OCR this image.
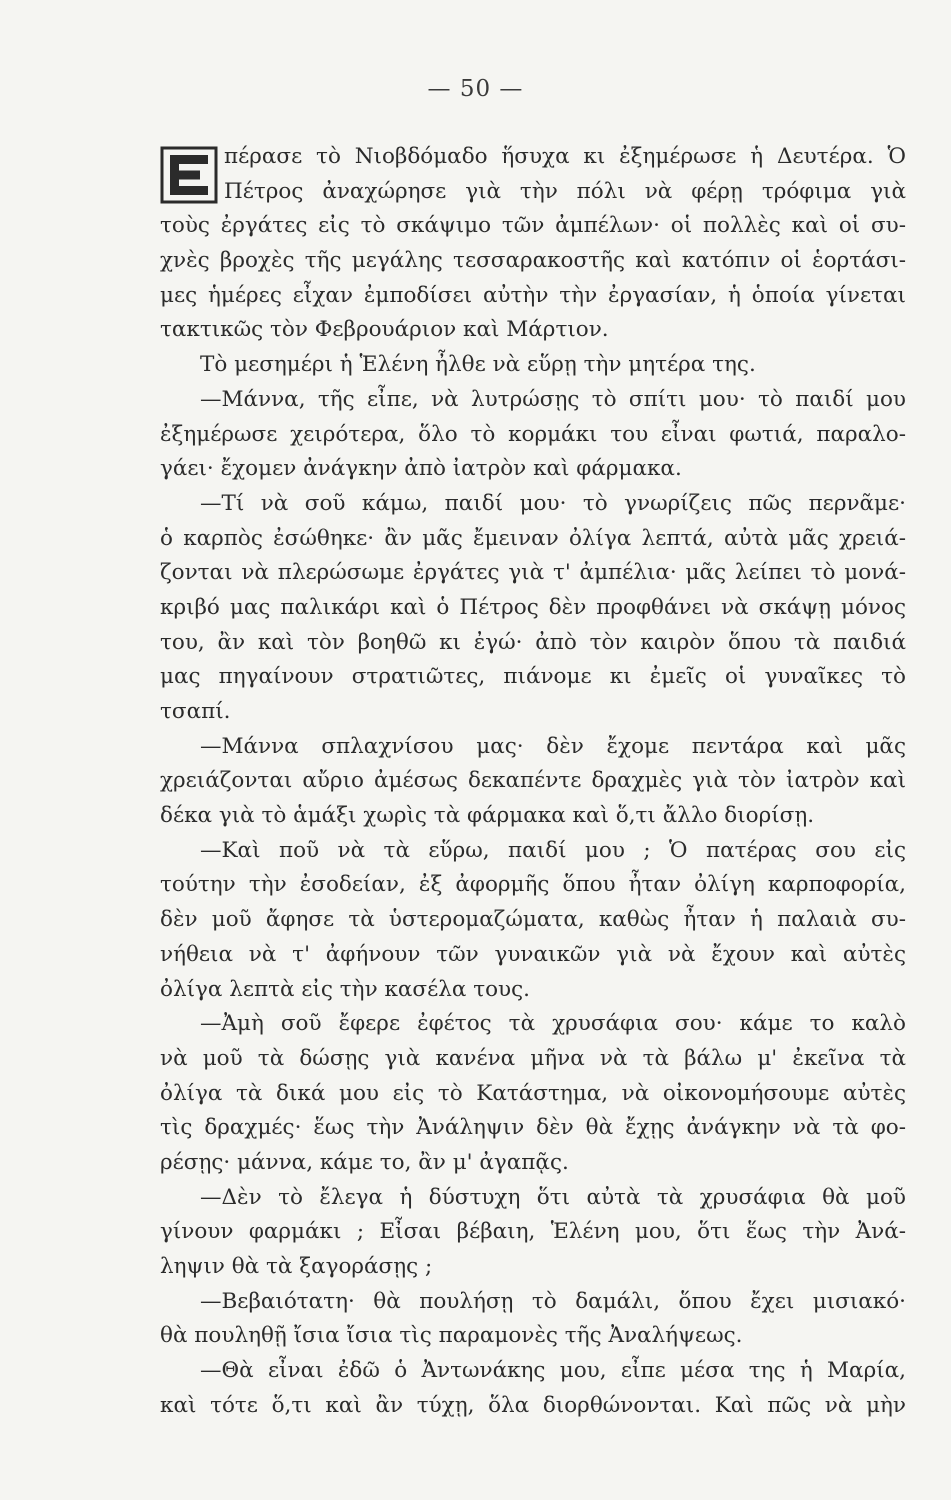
— 50 —
πέρασε τὸ Νιοβδόμαδο ἥσυχα κι ἐξημέρωσε ἡ Δευτέρα. Ὁ
Πέτρος ἀναχώρησε γιὰ τὴν πόλι νὰ φέρῃ τρόφιμα γιὰ
τοὺς ἐργάτες εἰς τὸ σκάψιμο τῶν ἀμπέλων· οἱ πολλὲς καὶ οἱ συ-
χνὲς βροχὲς τῆς μεγάλης τεσσαρακοστῆς καὶ κατόπιν οἱ ἑορτάσι-
μες ἡμέρες εἶχαν ἐμποδίσει αὐτὴν τὴν ἐργασίαν, ἡ ὁποία γίνεται
τακτικῶς τὸν Φεβρουάριον καὶ Μάρτιον.
Τὸ μεσημέρι ἡ Ἑλένη ἦλθε νὰ εὕρῃ τὴν μητέρα της.
—Μάννα, τῆς εἶπε, νὰ λυτρώσῃς τὸ σπίτι μου· τὸ παιδί μου
ἐξημέρωσε χειρότερα, ὅλο τὸ κορμάκι του εἶναι φωτιά, παραλο-
γάει· ἔχομεν ἀνάγκην ἀπὸ ἰατρὸν καὶ φάρμακα.
—Τί νὰ σοῦ κάμω, παιδί μου· τὸ γνωρίζεις πῶς περνᾶμε·
ὁ καρπὸς ἐσώθηκε· ἂν μᾶς ἔμειναν ὀλίγα λεπτά, αὐτὰ μᾶς χρειά-
ζονται νὰ πλερώσωμε ἐργάτες γιὰ τ' ἀμπέλια· μᾶς λείπει τὸ μονά-
κριβό μας παλικάρι καὶ ὁ Πέτρος δὲν προφθάνει νὰ σκάψῃ μόνος
του, ἂν καὶ τὸν βοηθῶ κι ἐγώ· ἀπὸ τὸν καιρὸν ὅπου τὰ παιδιά
μας πηγαίνουν στρατιῶτες, πιάνομε κι ἐμεῖς οἱ γυναῖκες τὸ
τσαπί.
—Μάννα σπλαχνίσου μας· δὲν ἔχομε πεντάρα καὶ μᾶς
χρειάζονται αὔριο ἀμέσως δεκαπέντε δραχμὲς γιὰ τὸν ἰατρὸν καὶ
δέκα γιὰ τὸ ἁμάξι χωρὶς τὰ φάρμακα καὶ ὅ,τι ἄλλο διορίσῃ.
—Καὶ ποῦ νὰ τὰ εὕρω, παιδί μου ; Ὁ πατέρας σου εἰς
τούτην τὴν ἐσοδείαν, ἐξ ἀφορμῆς ὅπου ἦταν ὀλίγη καρποφορία,
δὲν μοῦ ἄφησε τὰ ὑστερομαζώματα, καθὼς ἦταν ἡ παλαιὰ συ-
νήθεια νὰ τ' ἀφήνουν τῶν γυναικῶν γιὰ νὰ ἔχουν καὶ αὐτὲς
ὀλίγα λεπτὰ εἰς τὴν κασέλα τους.
—Ἀμὴ σοῦ ἔφερε ἐφέτος τὰ χρυσάφια σου· κάμε το καλὸ
νὰ μοῦ τὰ δώσῃς γιὰ κανένα μῆνα νὰ τὰ βάλω μ' ἐκεῖνα τὰ
ὀλίγα τὰ δικά μου εἰς τὸ Κατάστημα, νὰ οἰκονομήσουμε αὐτὲς
τὶς δραχμές· ἕως τὴν Ἀνάληψιν δὲν θὰ ἔχῃς ἀνάγκην νὰ τὰ φο-
ρέσῃς· μάννα, κάμε το, ἂν μ' ἀγαπᾷς.
—Δὲν τὸ ἔλεγα ἡ δύστυχη ὅτι αὐτὰ τὰ χρυσάφια θὰ μοῦ
γίνουν φαρμάκι ; Εἶσαι βέβαιη, Ἑλένη μου, ὅτι ἕως τὴν Ἀνά-
ληψιν θὰ τὰ ξαγοράσῃς ;
—Βεβαιότατη· θὰ πουλήσῃ τὸ δαμάλι, ὅπου ἔχει μισιακό·
θὰ πουληθῇ ἴσια ἴσια τὶς παραμονὲς τῆς Ἀναλήψεως.
—Θὰ εἶναι ἐδῶ ὁ Ἀντωνάκης μου, εἶπε μέσα της ἡ Μαρία,
καὶ τότε ὅ,τι καὶ ἂν τύχῃ, ὅλα διορθώνονται. Καὶ πῶς νὰ μὴν
